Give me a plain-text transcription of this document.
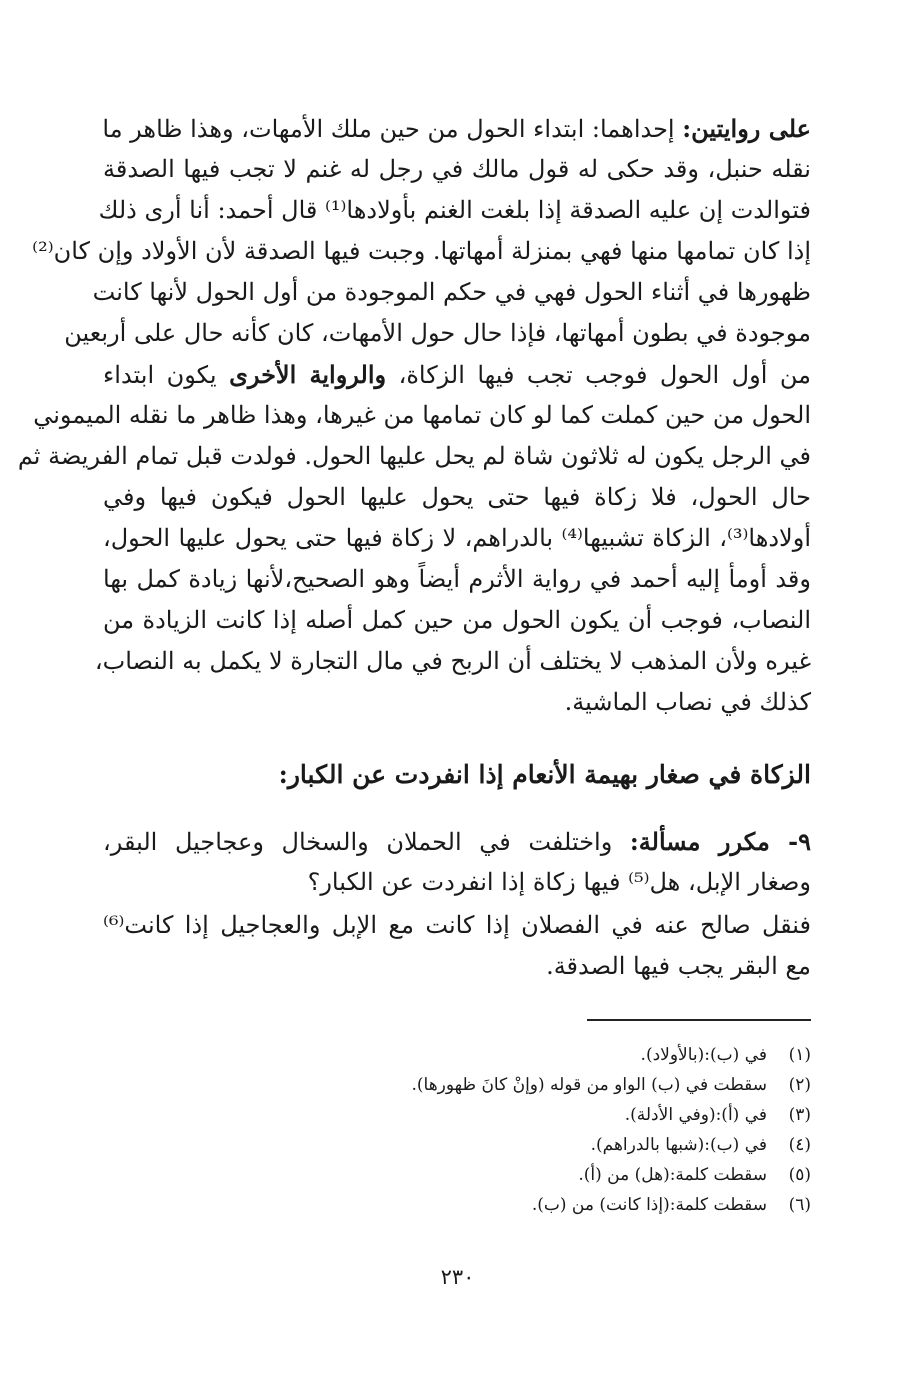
على روايتين: إحداهما: ابتداء الحول من حين ملك الأمهات، وهذا ظاهر ما
نقله حنبل، وقد حكى له قول مالك في رجل له غنم لا تجب فيها الصدقة
فتوالدت إن عليه الصدقة إذا بلغت الغنم بأولادها⁽¹⁾ قال أحمد: أنا أرى ذلك
إذا كان تمامها منها فهي بمنزلة أمهاتها. وجبت فيها الصدقة لأن الأولاد وإن كان⁽²⁾
ظهورها في أثناء الحول فهي في حكم الموجودة من أول الحول لأنها كانت
موجودة في بطون أمهاتها، فإذا حال حول الأمهات، كان كأنه حال على أربعين
من أول الحول فوجب تجب فيها الزكاة، والرواية الأخرى يكون ابتداء
الحول من حين كملت كما لو كان تمامها من غيرها، وهذا ظاهر ما نقله الميموني
في الرجل يكون له ثلاثون شاة لم يحل عليها الحول. فولدت قبل تمام الفريضة ثم
حال الحول، فلا زكاة فيها حتى يحول عليها الحول فيكون فيها وفي
أولادها⁽³⁾، الزكاة تشبيها⁽⁴⁾ بالدراهم، لا زكاة فيها حتى يحول عليها الحول،
وقد أومأ إليه أحمد في رواية الأثرم أيضاً وهو الصحيح،لأنها زيادة كمل بها
النصاب، فوجب أن يكون الحول من حين كمل أصله إذا كانت الزيادة من
غيره ولأن المذهب لا يختلف أن الربح في مال التجارة لا يكمل به النصاب،
كذلك في نصاب الماشية.
الزكاة في صغار بهيمة الأنعام إذا انفردت عن الكبار:
٩- مكرر مسألة: واختلفت في الحملان والسخال وعجاجيل البقر،
وصغار الإبل، هل⁽⁵⁾ فيها زكاة إذا انفردت عن الكبار؟
فنقل صالح عنه في الفصلان إذا كانت مع الإبل والعجاجيل إذا كانت⁽⁶⁾
مع البقر يجب فيها الصدقة.
(١)في (ب):(بالأولاد).
(٢)سقطت في (ب) الواو من قوله (وإنْ كانَ ظهورها).
(٣)في (أ):(وفي الأدلة).
(٤)في (ب):(شبها بالدراهم).
(٥)سقطت كلمة:(هل) من (أ).
(٦)سقطت كلمة:(إذا كانت) من (ب).
٢٣٠
